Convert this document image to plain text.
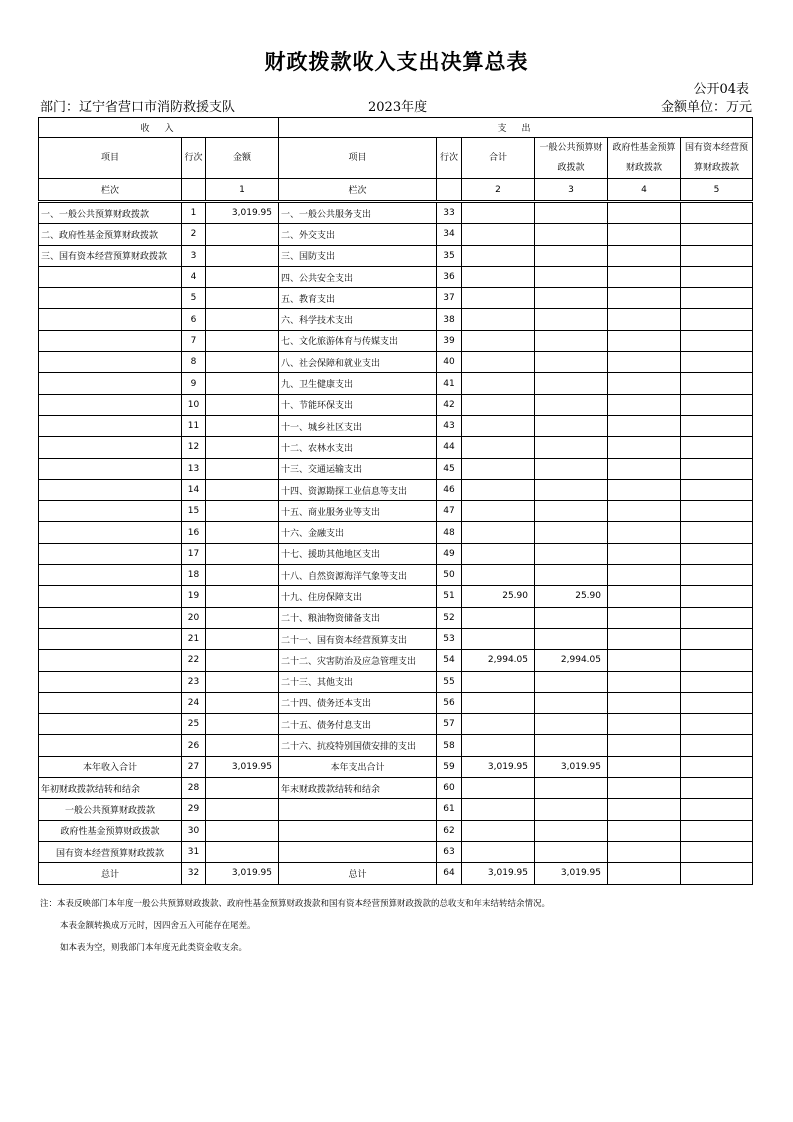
财政拨款收入支出决算总表
公开04表
部门：辽宁省营口市消防救援支队	2023年度	金额单位：万元
收　入			支　出					
项目	行次	金额	项目	行次	合计	一般公共预算财政拨款	政府性基金预算财政拨款	国有资本经营预算财政拨款
栏次		1	栏次		2	3	4	5
一、一般公共预算财政拨款	1	3,019.95	一、一般公共服务支出	33				
二、政府性基金预算财政拨款	2		二、外交支出	34				
三、国有资本经营预算财政拨款	3		三、国防支出	35				
	4		四、公共安全支出	36				
	5		五、教育支出	37				
	6		六、科学技术支出	38				
	7		七、文化旅游体育与传媒支出	39				
	8		八、社会保障和就业支出	40				
	9		九、卫生健康支出	41				
	10		十、节能环保支出	42				
	11		十一、城乡社区支出	43				
	12		十二、农林水支出	44				
	13		十三、交通运输支出	45				
	14		十四、资源勘探工业信息等支出	46				
	15		十五、商业服务业等支出	47				
	16		十六、金融支出	48				
	17		十七、援助其他地区支出	49				
	18		十八、自然资源海洋气象等支出	50				
	19		十九、住房保障支出	51	25.90	25.90		
	20		二十、粮油物资储备支出	52				
	21		二十一、国有资本经营预算支出	53				
	22		二十二、灾害防治及应急管理支出	54	2,994.05	2,994.05		
	23		二十三、其他支出	55				
	24		二十四、债务还本支出	56				
	25		二十五、债务付息支出	57				
	26		二十六、抗疫特别国债安排的支出	58				
本年收入合计	27	3,019.95	本年支出合计	59	3,019.95	3,019.95		
年初财政拨款结转和结余	28		年末财政拨款结转和结余	60				
一般公共预算财政拨款	29			61				
政府性基金预算财政拨款	30			62				
国有资本经营预算财政拨款	31			63				
总计	32	3,019.95	总计	64	3,019.95	3,019.95		
注：本表反映部门本年度一般公共预算财政拨款、政府性基金预算财政拨款和国有资本经营预算财政拨款的总收支和年末结转结余情况。
本表金额转换成万元时，因四舍五入可能存在尾差。
如本表为空，则我部门本年度无此类资金收支余。
